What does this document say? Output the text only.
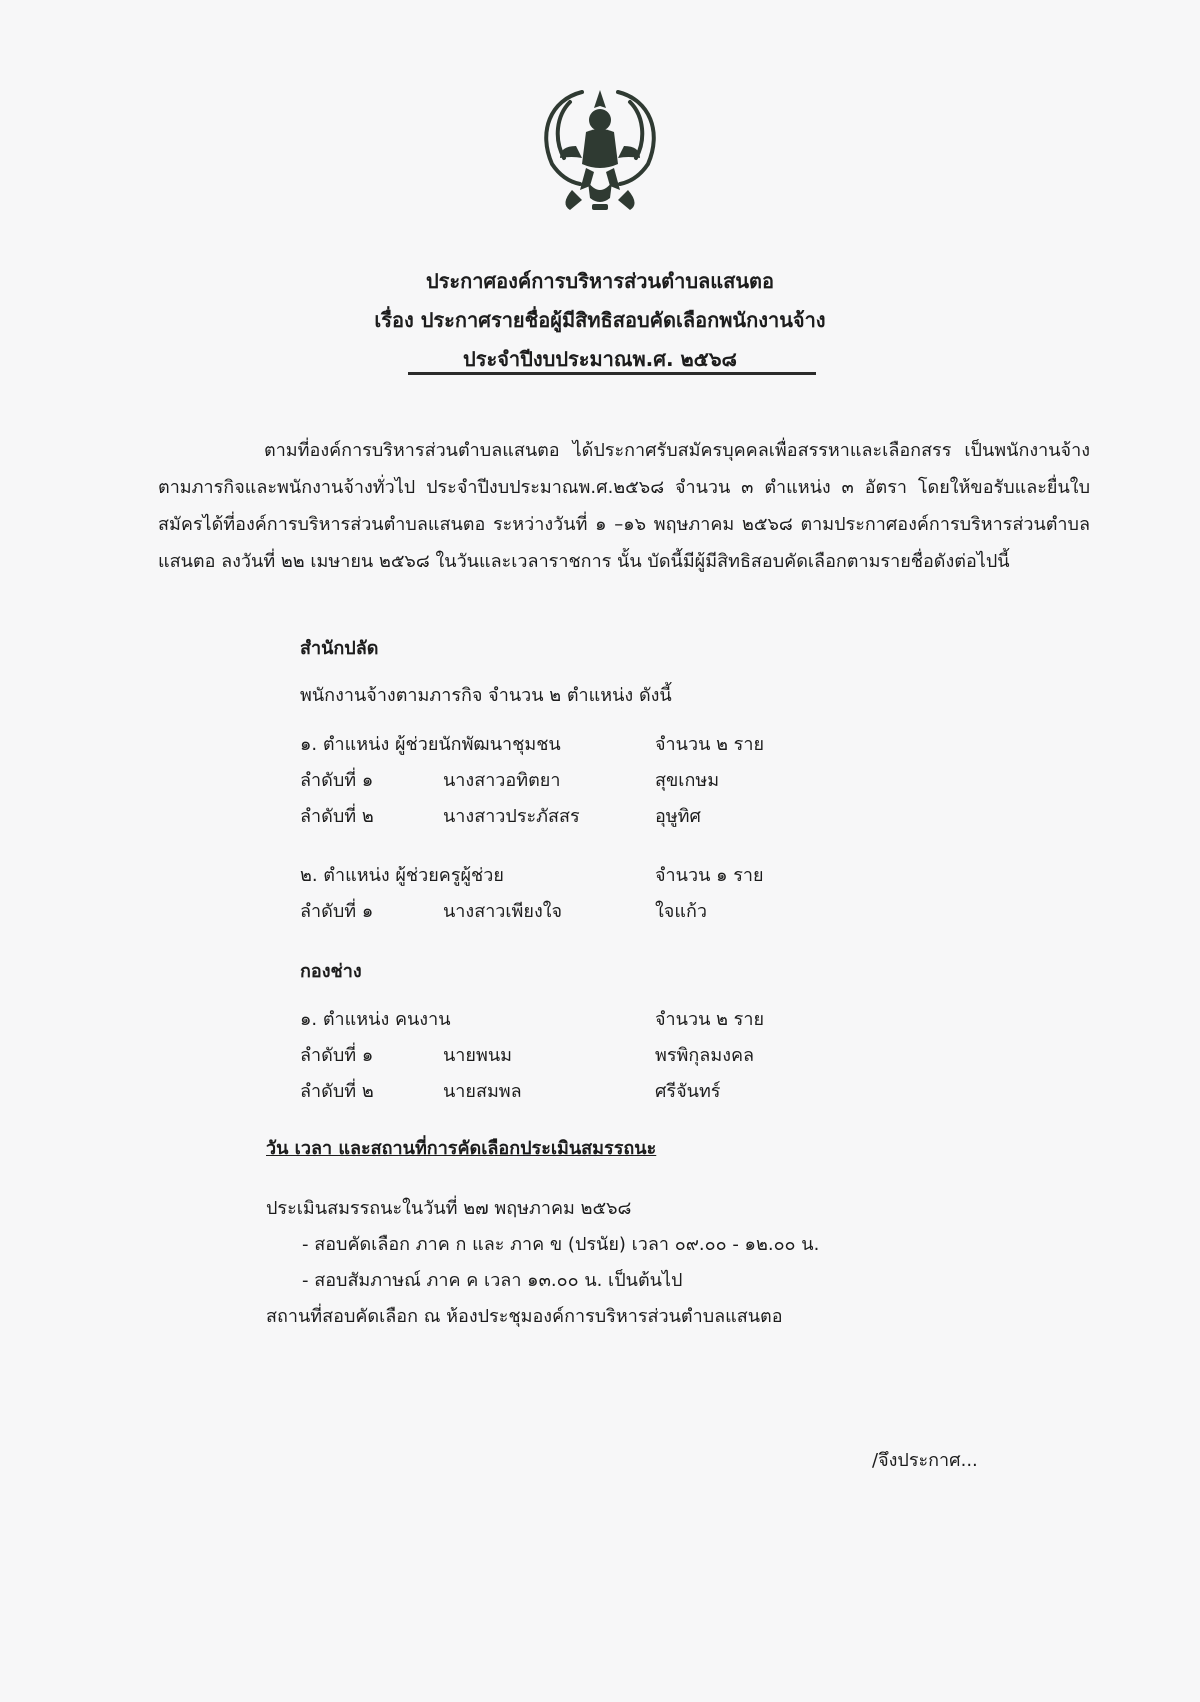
ประกาศองค์การบริหารส่วนตำบลแสนตอ
เรื่อง ประกาศรายชื่อผู้มีสิทธิสอบคัดเลือกพนักงานจ้าง
ประจำปีงบประมาณพ.ศ. ๒๕๖๘
ตามที่องค์การบริหารส่วนตำบลแสนตอ ได้ประกาศรับสมัครบุคคลเพื่อสรรหาและเลือกสรร เป็นพนักงานจ้างตามภารกิจและพนักงานจ้างทั่วไป ประจำปีงบประมาณพ.ศ.๒๕๖๘ จำนวน ๓ ตำแหน่ง ๓ อัตรา โดยให้ขอรับและยื่นใบสมัครได้ที่องค์การบริหารส่วนตำบลแสนตอ ระหว่างวันที่ ๑ –๑๖ พฤษภาคม ๒๕๖๘ ตามประกาศองค์การบริหารส่วนตำบลแสนตอ ลงวันที่ ๒๒ เมษายน ๒๕๖๘ ในวันและเวลาราชการ นั้น บัดนี้มีผู้มีสิทธิสอบคัดเลือกตามรายชื่อดังต่อไปนี้
สำนักปลัด
พนักงานจ้างตามภารกิจ จำนวน ๒ ตำแหน่ง ดังนี้
๑. ตำแหน่ง ผู้ช่วยนักพัฒนาชุมชน	จำนวน ๒ ราย
ลำดับที่ ๑	นางสาวอทิตยา	สุขเกษม
ลำดับที่ ๒	นางสาวประภัสสร	อุษูทิศ
๒. ตำแหน่ง ผู้ช่วยครูผู้ช่วย	จำนวน ๑ ราย
ลำดับที่ ๑	นางสาวเพียงใจ	ใจแก้ว
กองช่าง
๑. ตำแหน่ง คนงาน	จำนวน ๒ ราย
ลำดับที่ ๑	นายพนม	พรพิกุลมงคล
ลำดับที่ ๒	นายสมพล	ศรีจันทร์
วัน เวลา และสถานที่การคัดเลือกประเมินสมรรถนะ
ประเมินสมรรถนะในวันที่ ๒๗ พฤษภาคม ๒๕๖๘
- สอบคัดเลือก ภาค ก และ ภาค ข (ปรนัย) เวลา ๐๙.๐๐ - ๑๒.๐๐ น.
- สอบสัมภาษณ์ ภาค ค เวลา ๑๓.๐๐ น. เป็นต้นไป
สถานที่สอบคัดเลือก ณ ห้องประชุมองค์การบริหารส่วนตำบลแสนตอ
/จึงประกาศ...
